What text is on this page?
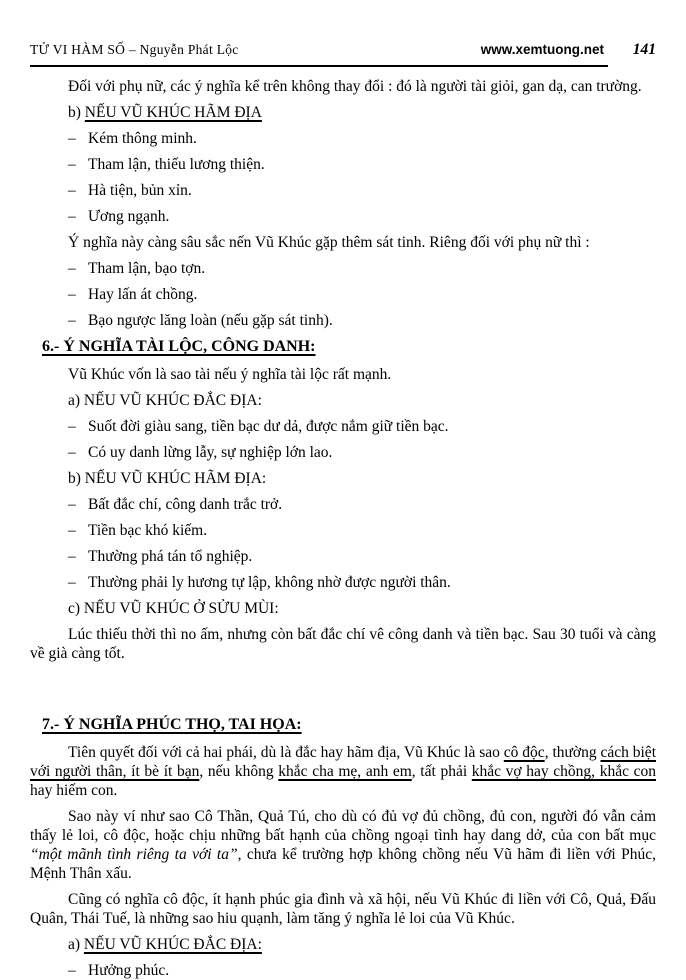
TỬ VI HÀM SỐ – Nguyễn Phát Lộc	www.xemtuong.net	141
Đối với phụ nữ, các ý nghĩa kể trên không thay đổi : đó là người tài giỏi, gan dạ, can trường.
b) NẾU VŨ KHÚC HÃM ĐỊA
– Kém thông minh.
– Tham lận, thiếu lương thiện.
– Hà tiện, bủn xỉn.
– Ương ngạnh.
Ý nghĩa này càng sâu sắc nến Vũ Khúc gặp thêm sát tinh. Riêng đối với phụ nữ thì :
– Tham lận, bạo tợn.
– Hay lấn át chồng.
– Bạo ngược lăng loàn (nếu gặp sát tinh).
6.- Ý NGHĨA TÀI LỘC, CÔNG DANH:
Vũ Khúc vốn là sao tài nếu ý nghĩa tài lộc rất mạnh.
a) NẾU VŨ KHÚC ĐẮC ĐỊA:
– Suốt đời giàu sang, tiền bạc dư dả, được nắm giữ tiền bạc.
– Có uy danh lừng lẫy, sự nghiệp lớn lao.
b) NẾU VŨ KHÚC HÃM ĐỊA:
– Bất đắc chí, công danh trắc trở.
– Tiền bạc khó kiếm.
– Thường phá tán tổ nghiệp.
– Thường phải ly hương tự lập, không nhờ được người thân.
c) NẾU VŨ KHÚC Ở SỬU MÙI:
Lúc thiếu thời thì no ấm, nhưng còn bất đắc chí vê công danh và tiền bạc. Sau 30 tuổi và càng về già càng tốt.
7.- Ý NGHĨA PHÚC THỌ, TAI HỌA:
Tiên quyết đối với cả hai phái, dù là đắc hay hãm địa, Vũ Khúc là sao cô độc, thường cách biệt với người thân, ít bè ít bạn, nếu không khắc cha mẹ, anh em, tất phải khắc vợ hay chồng, khắc con hay hiếm con.
Sao này ví như sao Cô Thần, Quả Tú, cho dù có đủ vợ đủ chồng, đủ con, người đó vẫn cảm thấy lẻ loi, cô độc, hoặc chịu những bất hạnh của chồng ngoại tình hay dang dở, của con bất mục “một mãnh tình riêng ta với ta”, chưa kể trường hợp không chồng nếu Vũ hãm đi liền với Phúc, Mệnh Thân xấu.
Cũng có nghĩa cô độc, ít hạnh phúc gia đình và xã hội, nếu Vũ Khúc đi liền với Cô, Quả, Đấu Quân, Thái Tuế, là những sao hiu quạnh, làm tăng ý nghĩa lẻ loi của Vũ Khúc.
a) NẾU VŨ KHÚC ĐẮC ĐỊA:
– Hưởng phúc.
